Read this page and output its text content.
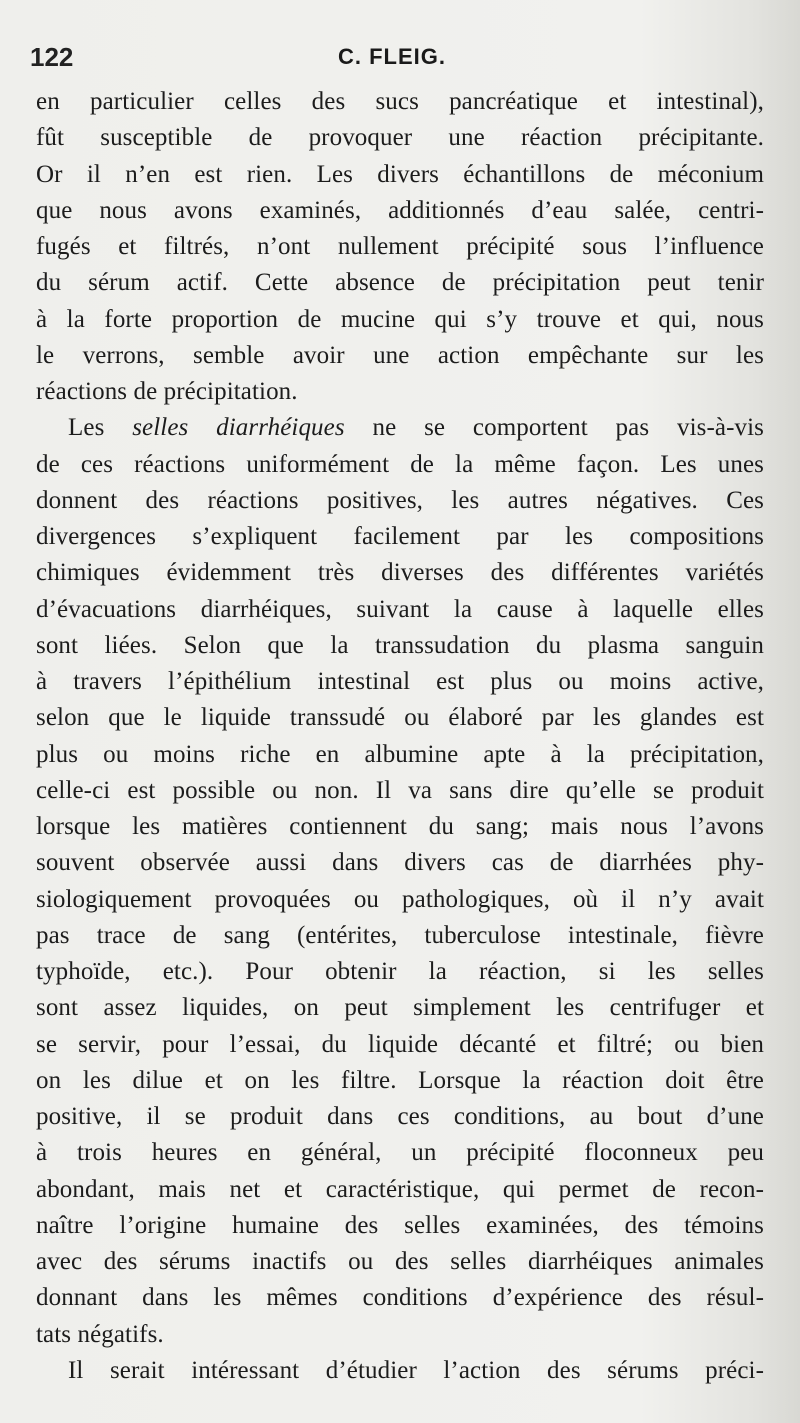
122	C. FLEIG.
en particulier celles des sucs pancréatique et intestinal),
fût susceptible de provoquer une réaction précipitante.
Or il n’en est rien. Les divers échantillons de méconium
que nous avons examinés, additionnés d’eau salée, centri-
fugés et filtrés, n’ont nullement précipité sous l’influence
du sérum actif. Cette absence de précipitation peut tenir
à la forte proportion de mucine qui s’y trouve et qui, nous
le verrons, semble avoir une action empêchante sur les
réactions de précipitation.
Les selles diarrhéiques ne se comportent pas vis-à-vis
de ces réactions uniformément de la même façon. Les unes
donnent des réactions positives, les autres négatives. Ces
divergences s’expliquent facilement par les compositions
chimiques évidemment très diverses des différentes variétés
d’évacuations diarrhéiques, suivant la cause à laquelle elles
sont liées. Selon que la transsudation du plasma sanguin
à travers l’épithélium intestinal est plus ou moins active,
selon que le liquide transsudé ou élaboré par les glandes est
plus ou moins riche en albumine apte à la précipitation,
celle-ci est possible ou non. Il va sans dire qu’elle se produit
lorsque les matières contiennent du sang; mais nous l’avons
souvent observée aussi dans divers cas de diarrhées phy-
siologiquement provoquées ou pathologiques, où il n’y avait
pas trace de sang (entérites, tuberculose intestinale, fièvre
typhoïde, etc.). Pour obtenir la réaction, si les selles
sont assez liquides, on peut simplement les centrifuger et
se servir, pour l’essai, du liquide décanté et filtré; ou bien
on les dilue et on les filtre. Lorsque la réaction doit être
positive, il se produit dans ces conditions, au bout d’une
à trois heures en général, un précipité floconneux peu
abondant, mais net et caractéristique, qui permet de recon-
naître l’origine humaine des selles examinées, des témoins
avec des sérums inactifs ou des selles diarrhéiques animales
donnant dans les mêmes conditions d’expérience des résul-
tats négatifs.
Il serait intéressant d’étudier l’action des sérums préci-
